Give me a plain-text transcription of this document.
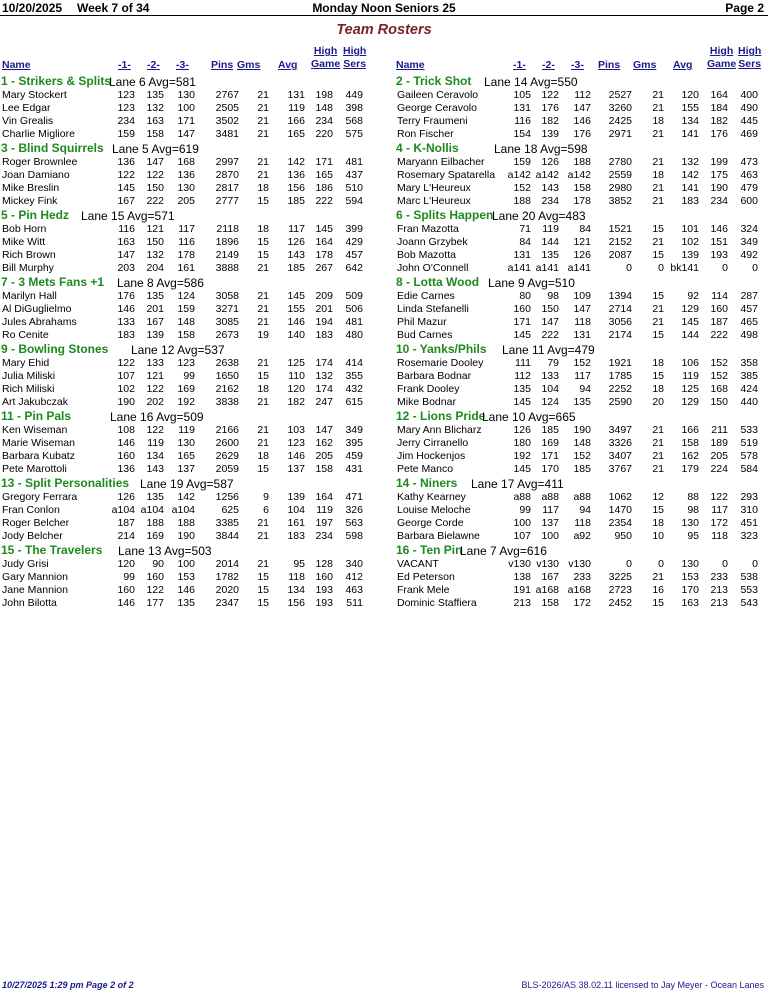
10/20/2025 Week 7 of 34	Monday Noon Seniors 25	Page 2
Team Rosters
Name	-1- -2- -3- Pins Gms Avg
High
Game
High
Sers	Name	-1- -2- -3- Pins Gms Avg
High
Game
High
Sers
1 - Strikers & Splits
Lane 6 Avg=581
Mary Stockert	123 135 130 2767 21 131 198 449
Lee Edgar	123 132 100 2505 21 119 148 398
Vin Grealis	234 163 171 3502 21 166 234 568
Charlie Migliore	159 158 147 3481 21 165 220 575
3 - Blind Squirrels Lane 5 Avg=619
Roger Brownlee	136 147 168 2997 21 142 171 481
Joan Damiano	122 122 136 2870 21 136 165 437
Mike Breslin	145 150 130 2817 18 156 186 510
Mickey Fink	167 222 205 2777 15 185 222 594
5 - Pin Hedz Lane 15 Avg=571
Bob Horn	116 121 117 2118 18 117 145 399
Mike Witt	163 150 116 1896 15 126 164 429
Rich Brown	147 132 178 2149 15 143 178 457
Bill Murphy	203 204 161 3888 21 185 267 642
7 - 3 Mets Fans +1 Lane 8 Avg=586
Marilyn Hall	176 135 124 3058 21 145 209 509
Al DiGuglielmo	146 201 159 3271 21 155 201 506
Jules Abrahams	133 167 148 3085 21 146 194 481
Ro Cenite	183 139 158 2673 19 140 183 480
9 - Bowling Stones Lane 12 Avg=537
Mary Ehid	122 133 123 2638 21 125 174 414
Julia Miliski	107 121 99 1650 15 110 132 355
Rich Miliski	102 122 169 2162 18 120 174 432
Art Jakubczak	190 202 192 3838 21 182 247 615
11 - Pin Pals	Lane 16 Avg=509
Ken Wiseman	108 122 119 2166 21 103 147 349
Marie Wiseman	146 119 130 2600 21 123 162 395
Barbara Kubatz	160 134 165 2629 18 146 205 459
Pete Marottoli	136 143 137 2059 15 137 158 431
13 - Split Personalities Lane 19 Avg=587
Gregory Ferrara	126 135 142 1256 9 139 164 471
Fran Conlon	a104 a104 a104	625 6 104 119 326
Roger Belcher	187 188 188 3385 21 161 197 563
Jody Belcher	214 169 190 3844 21 183 234 598
15 - The Travelers Lane 13 Avg=503
Judy Grisi	120 90 100 2014 21 95 128 340
Gary Mannion	99 160 153 1782 15 118 160 412
Jane Mannion	160 122 146 2020 15 134 193 463
John Bilotta	146 177 135 2347 15 156 193 511
2 - Trick Shot Lane 14 Avg=550
Gaileen Ceravolo	105 122 112 2527 21 120 164 400
George Ceravolo	131 176 147 3260 21 155 184 490
Terry Fraumeni	116 182 146 2425 18 134 182 445
Ron Fischer	154 139 176 2971 21 141 176 469
4 - K-Nollis	Lane 18 Avg=598
Maryann Eilbacher	159 126 188 2780 21 132 199 473
Rosemary Spatarella a142 a142 a142 2559 18 142 175 463
Mary L'Heureux	152 143 158 2980 21 141 190 479
Marc L'Heureux	188 234 178 3852 21 183 234 600
6 - Splits Happen
Lane 20 Avg=483
Fran Mazotta	71 119 84 1521 15 101 146 324
Joann Grzybek	84 144 121 2152 21 102 151 349
Bob Mazotta	131 135 126 2087 15 139 193 492
John O'Connell	a141 a141 a141	0 0 bk141 0 0
8 - Lotta Wood Lane 9 Avg=510
Edie Carnes	80 98 109 1394 15 92 114 287
Linda Stefanelli	160 150 147 2714 21 129 160 457
Phil Mazur	171 147 118 3056 21 145 187 465
Bud Carnes	145 222 131 2174 15 144 222 498
10 - Yanks/Phils Lane 11 Avg=479
Rosemarie Dooley	111 79 152 1921 18 106 152 358
Barbara Bodnar	112 133 117 1785 15 119 152 385
Frank Dooley	135 104 94 2252 18 125 168 424
Mike Bodnar	145 124 135 2590 20 129 150 440
12 - Lions Pride
Lane 10 Avg=665
Mary Ann Blicharz	126 185 190 3497 21 166 211 533
Jerry Cirranello	180 169 148 3326 21 158 189 519
Jim Hockenjos	192 171 152 3407 21 162 205 578
Pete Manco	145 170 185 3767 21 179 224 584
14 - Niners Lane 17 Avg=411
Kathy Kearney	a88 a88 a88 1062 12 88 122 293
Louise Meloche	99 117 94 1470 15 98 117 310
George Corde	100 137 118 2354 18 130 172 451
Barbara Bielawne	107 100 a92 950 10 95 118 323
16 - Ten Pin
Lane 7 Avg=616
VACANT	v130 v130 v130	0 0 130 0 0
Ed Peterson	138 167 233 3225 21 153 233 538
Frank Mele	191 a168 a168 2723 16 170 213 553
Dominic Staffiera	213 158 172 2452 15 163 213 543
10/27/2025 1:29 pm Page 2 of 2	BLS-2026/AS 38.02.11 licensed to Jay Meyer - Ocean Lanes
